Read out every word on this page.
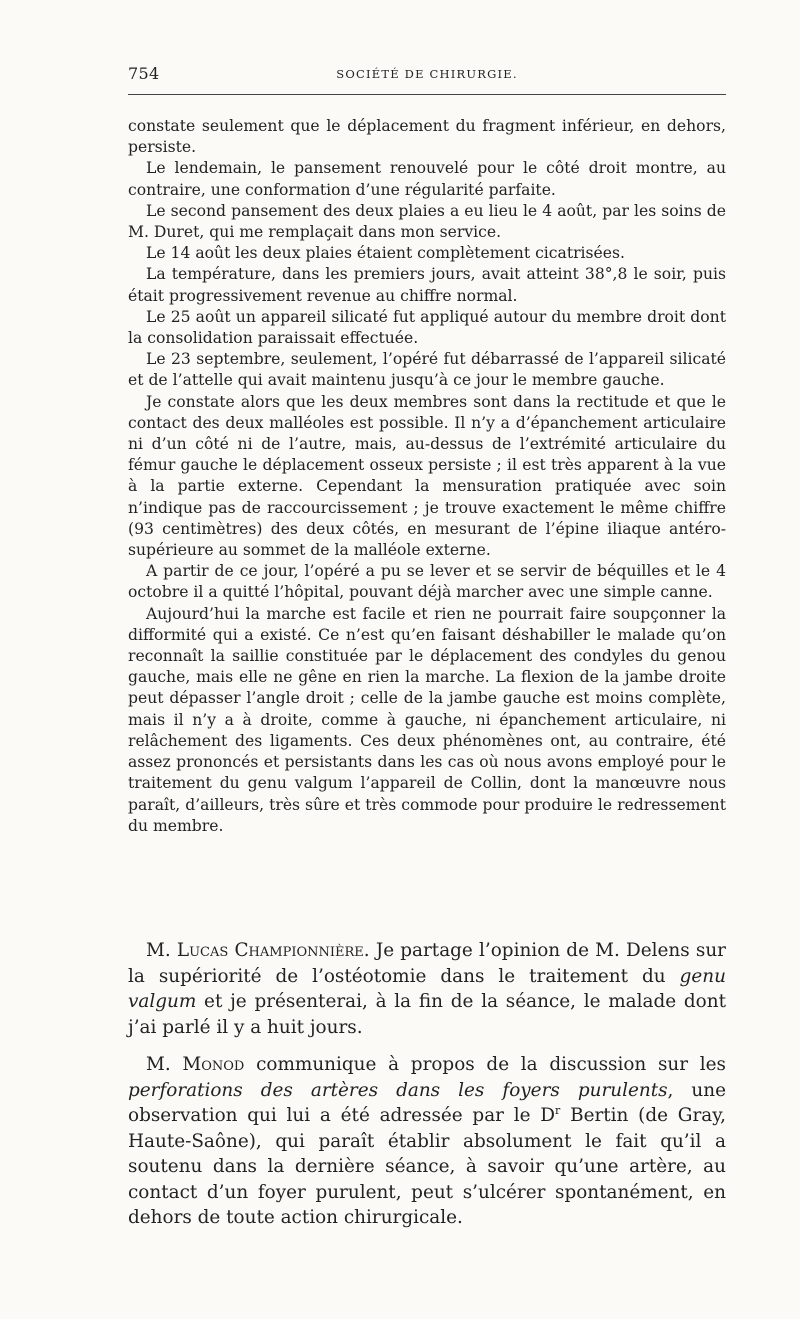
754	SOCIÉTÉ DE CHIRURGIE.

constate seulement que le déplacement du fragment inférieur, en dehors, persiste.

Le lendemain, le pansement renouvelé pour le côté droit montre, au contraire, une conformation d’une régularité parfaite.

Le second pansement des deux plaies a eu lieu le 4 août, par les soins de M. Duret, qui me remplaçait dans mon service.

Le 14 août les deux plaies étaient complètement cicatrisées.

La température, dans les premiers jours, avait atteint 38°,8 le soir, puis était progressivement revenue au chiffre normal.

Le 25 août un appareil silicaté fut appliqué autour du membre droit dont la consolidation paraissait effectuée.

Le 23 septembre, seulement, l’opéré fut débarrassé de l’appareil silicaté et de l’attelle qui avait maintenu jusqu’à ce jour le membre gauche.

Je constate alors que les deux membres sont dans la rectitude et que le contact des deux malléoles est possible. Il n’y a d’épanchement articulaire ni d’un côté ni de l’autre, mais, au-dessus de l’extrémité articulaire du fémur gauche le déplacement osseux persiste ; il est très apparent à la vue à la partie externe. Cependant la mensuration pratiquée avec soin n’indique pas de raccourcissement ; je trouve exactement le même chiffre (93 centimètres) des deux côtés, en mesurant de l’épine iliaque antéro-supérieure au sommet de la malléole externe.

A partir de ce jour, l’opéré a pu se lever et se servir de béquilles et le 4 octobre il a quitté l’hôpital, pouvant déjà marcher avec une simple canne.

Aujourd’hui la marche est facile et rien ne pourrait faire soupçonner la difformité qui a existé. Ce n’est qu’en faisant déshabiller le malade qu’on reconnaît la saillie constituée par le déplacement des condyles du genou gauche, mais elle ne gêne en rien la marche. La flexion de la jambe droite peut dépasser l’angle droit ; celle de la jambe gauche est moins complète, mais il n’y a à droite, comme à gauche, ni épanchement articulaire, ni relâchement des ligaments. Ces deux phénomènes ont, au contraire, été assez prononcés et persistants dans les cas où nous avons employé pour le traitement du genu valgum l’appareil de Collin, dont la manœuvre nous paraît, d’ailleurs, très sûre et très commode pour produire le redressement du membre.

M. Lucas Championnière. Je partage l’opinion de M. Delens sur la supériorité de l’ostéotomie dans le traitement du genu valgum et je présenterai, à la fin de la séance, le malade dont j’ai parlé il y a huit jours.

M. Monod communique à propos de la discussion sur les perforations des artères dans les foyers purulents, une observation qui lui a été adressée par le $D^r$ Bertin (de Gray, Haute-Saône), qui paraît établir absolument le fait qu’il a soutenu dans la dernière séance, à savoir qu’une artère, au contact d’un foyer purulent, peut s’ulcérer spontanément, en dehors de toute action chirurgicale.
